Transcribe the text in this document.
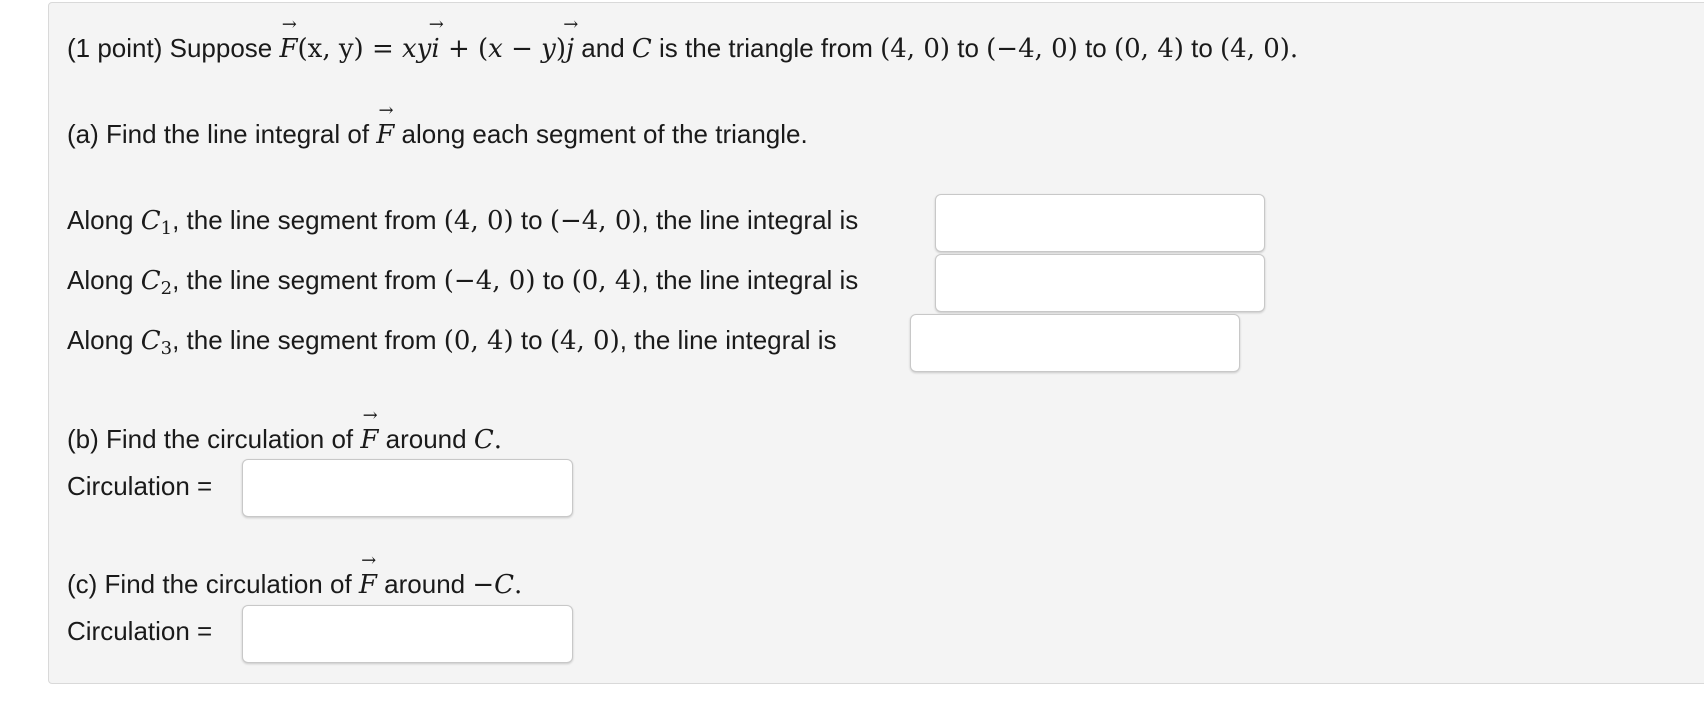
(1 point) Suppose → F(x, y) = xy→ i + (x − y)→ j and C is the triangle from (4, 0) to (−4, 0) to (0, 4) to (4, 0).
(a) Find the line integral of → F along each segment of the triangle.
Along $C_1$, the line segment from (4, 0) to (−4, 0), the line integral is
Along $C_2$, the line segment from (−4, 0) to (0, 4), the line integral is
Along $C_3$, the line segment from (0, 4) to (4, 0), the line integral is
(b) Find the circulation of → F around C.
Circulation =
(c) Find the circulation of → F around −C.
Circulation =
